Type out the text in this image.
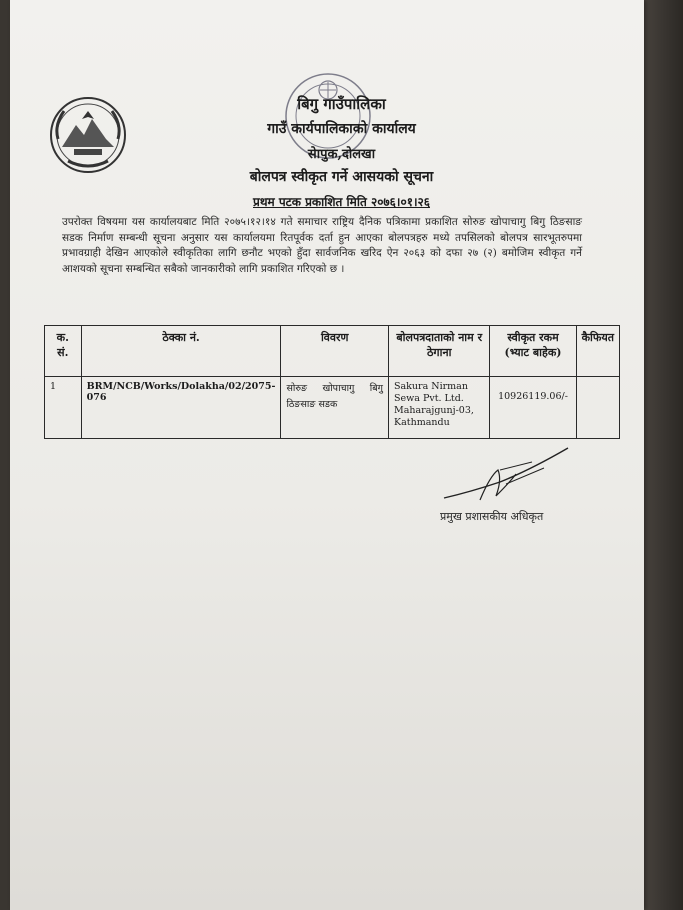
बिगु गाउँपालिका
गाउँ कार्यपालिकाको कार्यालय
सेापुक,दोलखा
बोलपत्र स्वीकृत गर्ने आसयको सूचना
प्रथम पटक प्रकाशित मिति २०७६।०१।२६
उपरोक्त विषयमा यस कार्यालयबाट मिति २०७५।१२।१४ गते समाचार राष्ट्रिय दैनिक पत्रिकामा प्रकाशित सोरुङ खोपाचागु बिगु ठिङसाङ सडक निर्माण सम्बन्धी सूचना अनुसार यस कार्यालयमा रितपूर्वक दर्ता हुन आएका बोलपत्रहरु मध्ये तपसिलको बोलपत्र सारभूतरुपमा प्रभावग्राही देखिन आएकोले स्वीकृतिका लागि छनौट भएको हुँदा सार्वजनिक खरिद ऐन २०६३ को दफा २७ (२) बमोजिम स्वीकृत गर्ने आशयको सूचना सम्बन्धित सबैको जानकारीको लागि प्रकाशित गरिएको छ ।
क. सं.	ठेक्का नं.	विवरण	बोलपत्रदाताको नाम र ठेगाना	स्वीकृत रकम (भ्याट बाहेक)	कैफियत
1	BRM/NCB/Works/Dolakha/02/2075-076	सोरुङ खोपाचागु बिगु ठिङसाङ सडक	Sakura Nirman Sewa Pvt. Ltd. Maharajgunj-03, Kathmandu	10926119.06/-	
प्रमुख प्रशासकीय अधिकृत
